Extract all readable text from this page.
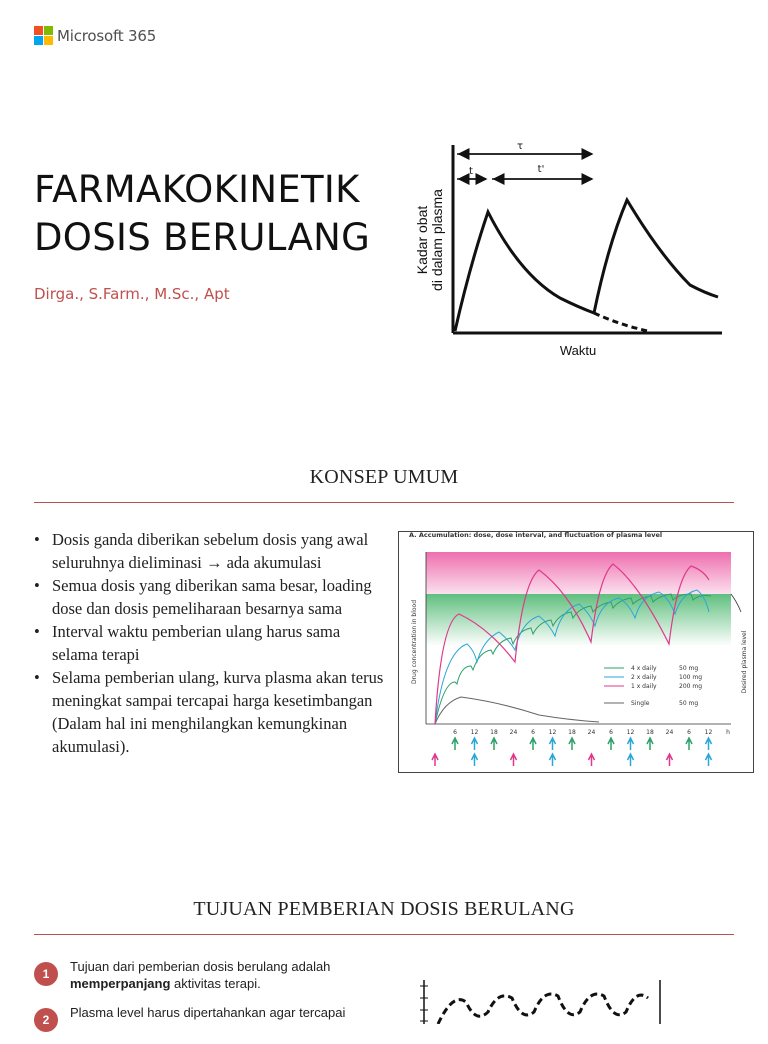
Microsoft 365
FARMAKOKINETIK
DOSIS BERULANG
Dirga., S.Farm., M.Sc., Apt
τ
t	t'
Kadar obat di dalam plasma
Waktu
KONSEP UMUM
• Dosis ganda diberikan sebelum dosis yang awal seluruhnya dieliminasi → ada akumulasi
• Semua dosis yang diberikan sama besar, loading dose dan dosis pemeliharaan besarnya sama
• Interval waktu pemberian ulang harus sama selama terapi
• Selama pemberian ulang, kurva plasma akan terus meningkat sampai tercapai harga kesetimbangan (Dalam hal ini menghilangkan kemungkinan akumulasi).
A. Accumulation: dose, dose interval, and fluctuation of plasma level
Drug concentration in blood	Desired plasma level
4 x daily	50 mg
2 x daily	100 mg
1 x daily	200 mg
Single	50 mg
6 12 18 24 6 12 18 24 6 12 18 24 6 12 h
TUJUAN PEMBERIAN DOSIS BERULANG
1	Tujuan dari pemberian dosis berulang adalah memperpanjang aktivitas terapi.
2	Plasma level harus dipertahankan agar tercapai
